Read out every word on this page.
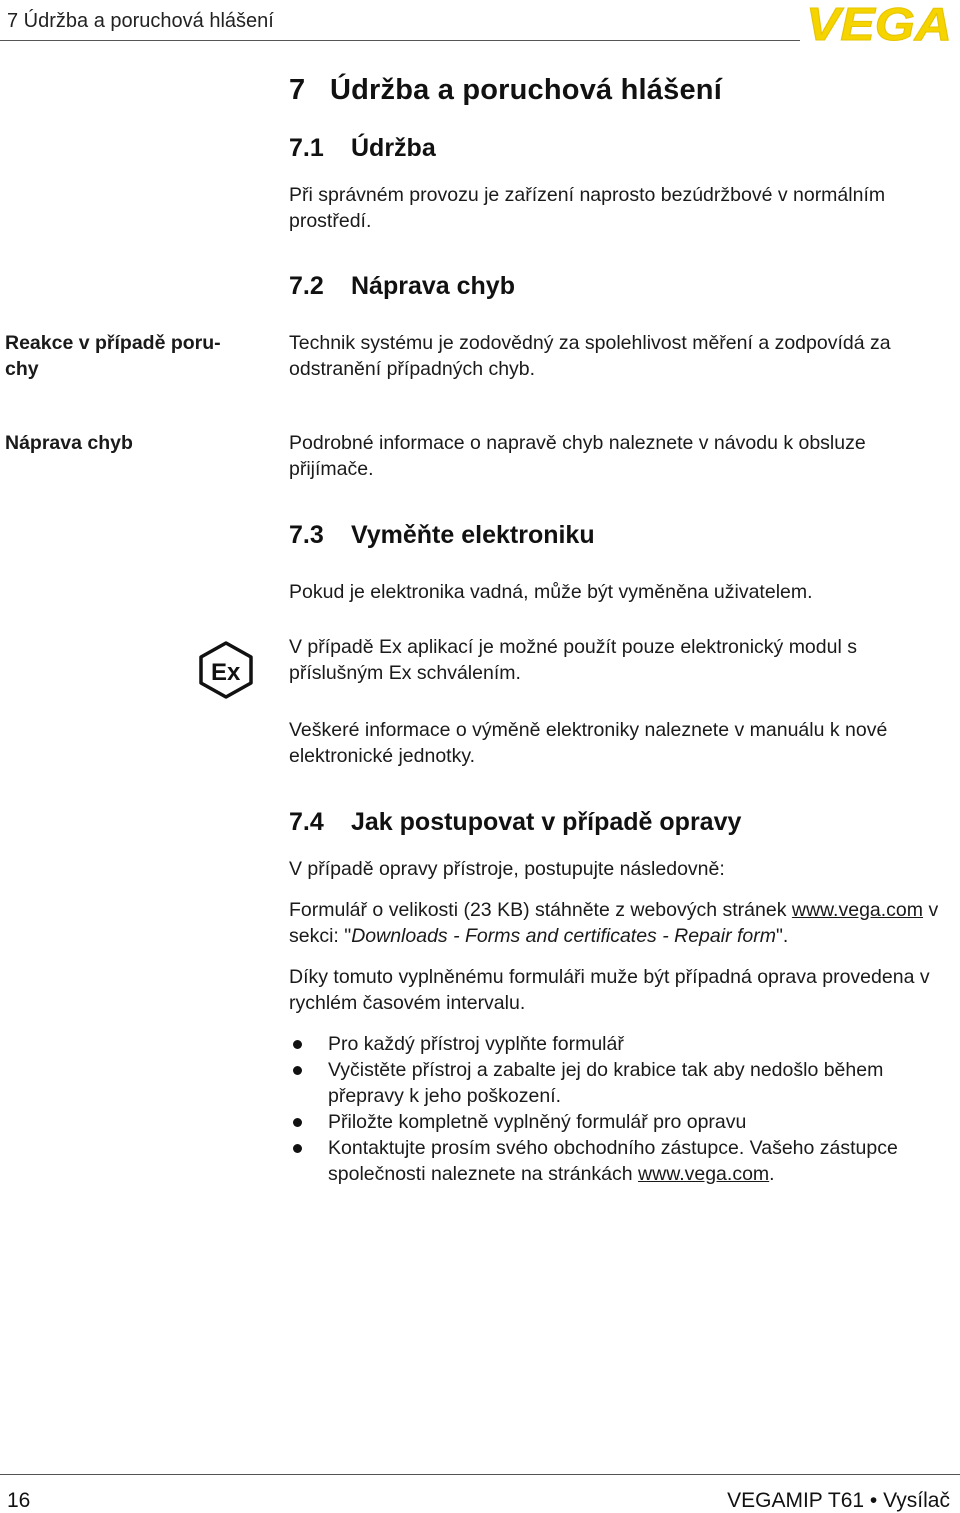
7 Údržba a poruchová hlášení	VEGA
7 Údržba a poruchová hlášení
7.1 Údržba
Při správném provozu je zařízení naprosto bezúdržbové v normálním prostředí.
7.2 Náprava chyb
Reakce v případě poru-chy
Technik systému je zodovědný za spolehlivost měření a zodpovídá za odstranění případných chyb.
Náprava chyb	Podrobné informace o napravě chyb naleznete v návodu k obsluze přijímače.
7.3 Vyměňte elektroniku
Pokud je elektronika vadná, může být vyměněna uživatelem.
Ex
V případě Ex aplikací je možné použít pouze elektronický modul s příslušným Ex schválením.
Veškeré informace o výměně elektroniky naleznete v manuálu k nové elektronické jednotky.
7.4 Jak postupovat v případě opravy
V případě opravy přístroje, postupujte následovně:
Formulář o velikosti (23 KB) stáhněte z webových stránek www.vega.com v sekci: "Downloads - Forms and certificates - Repair form".
Díky tomuto vyplněnému formuláři muže být případná oprava provedena v rychlém časovém intervalu.
Pro každý přístroj vyplňte formulář
Vyčistěte přístroj a zabalte jej do krabice tak aby nedošlo během přepravy k jeho poškození.
Přiložte kompletně vyplněný formulář pro opravu
Kontaktujte prosím svého obchodního zástupce. Vašeho zástupce společnosti naleznete na stránkách www.vega.com.
16	VEGAMIP T61 • Vysílač
